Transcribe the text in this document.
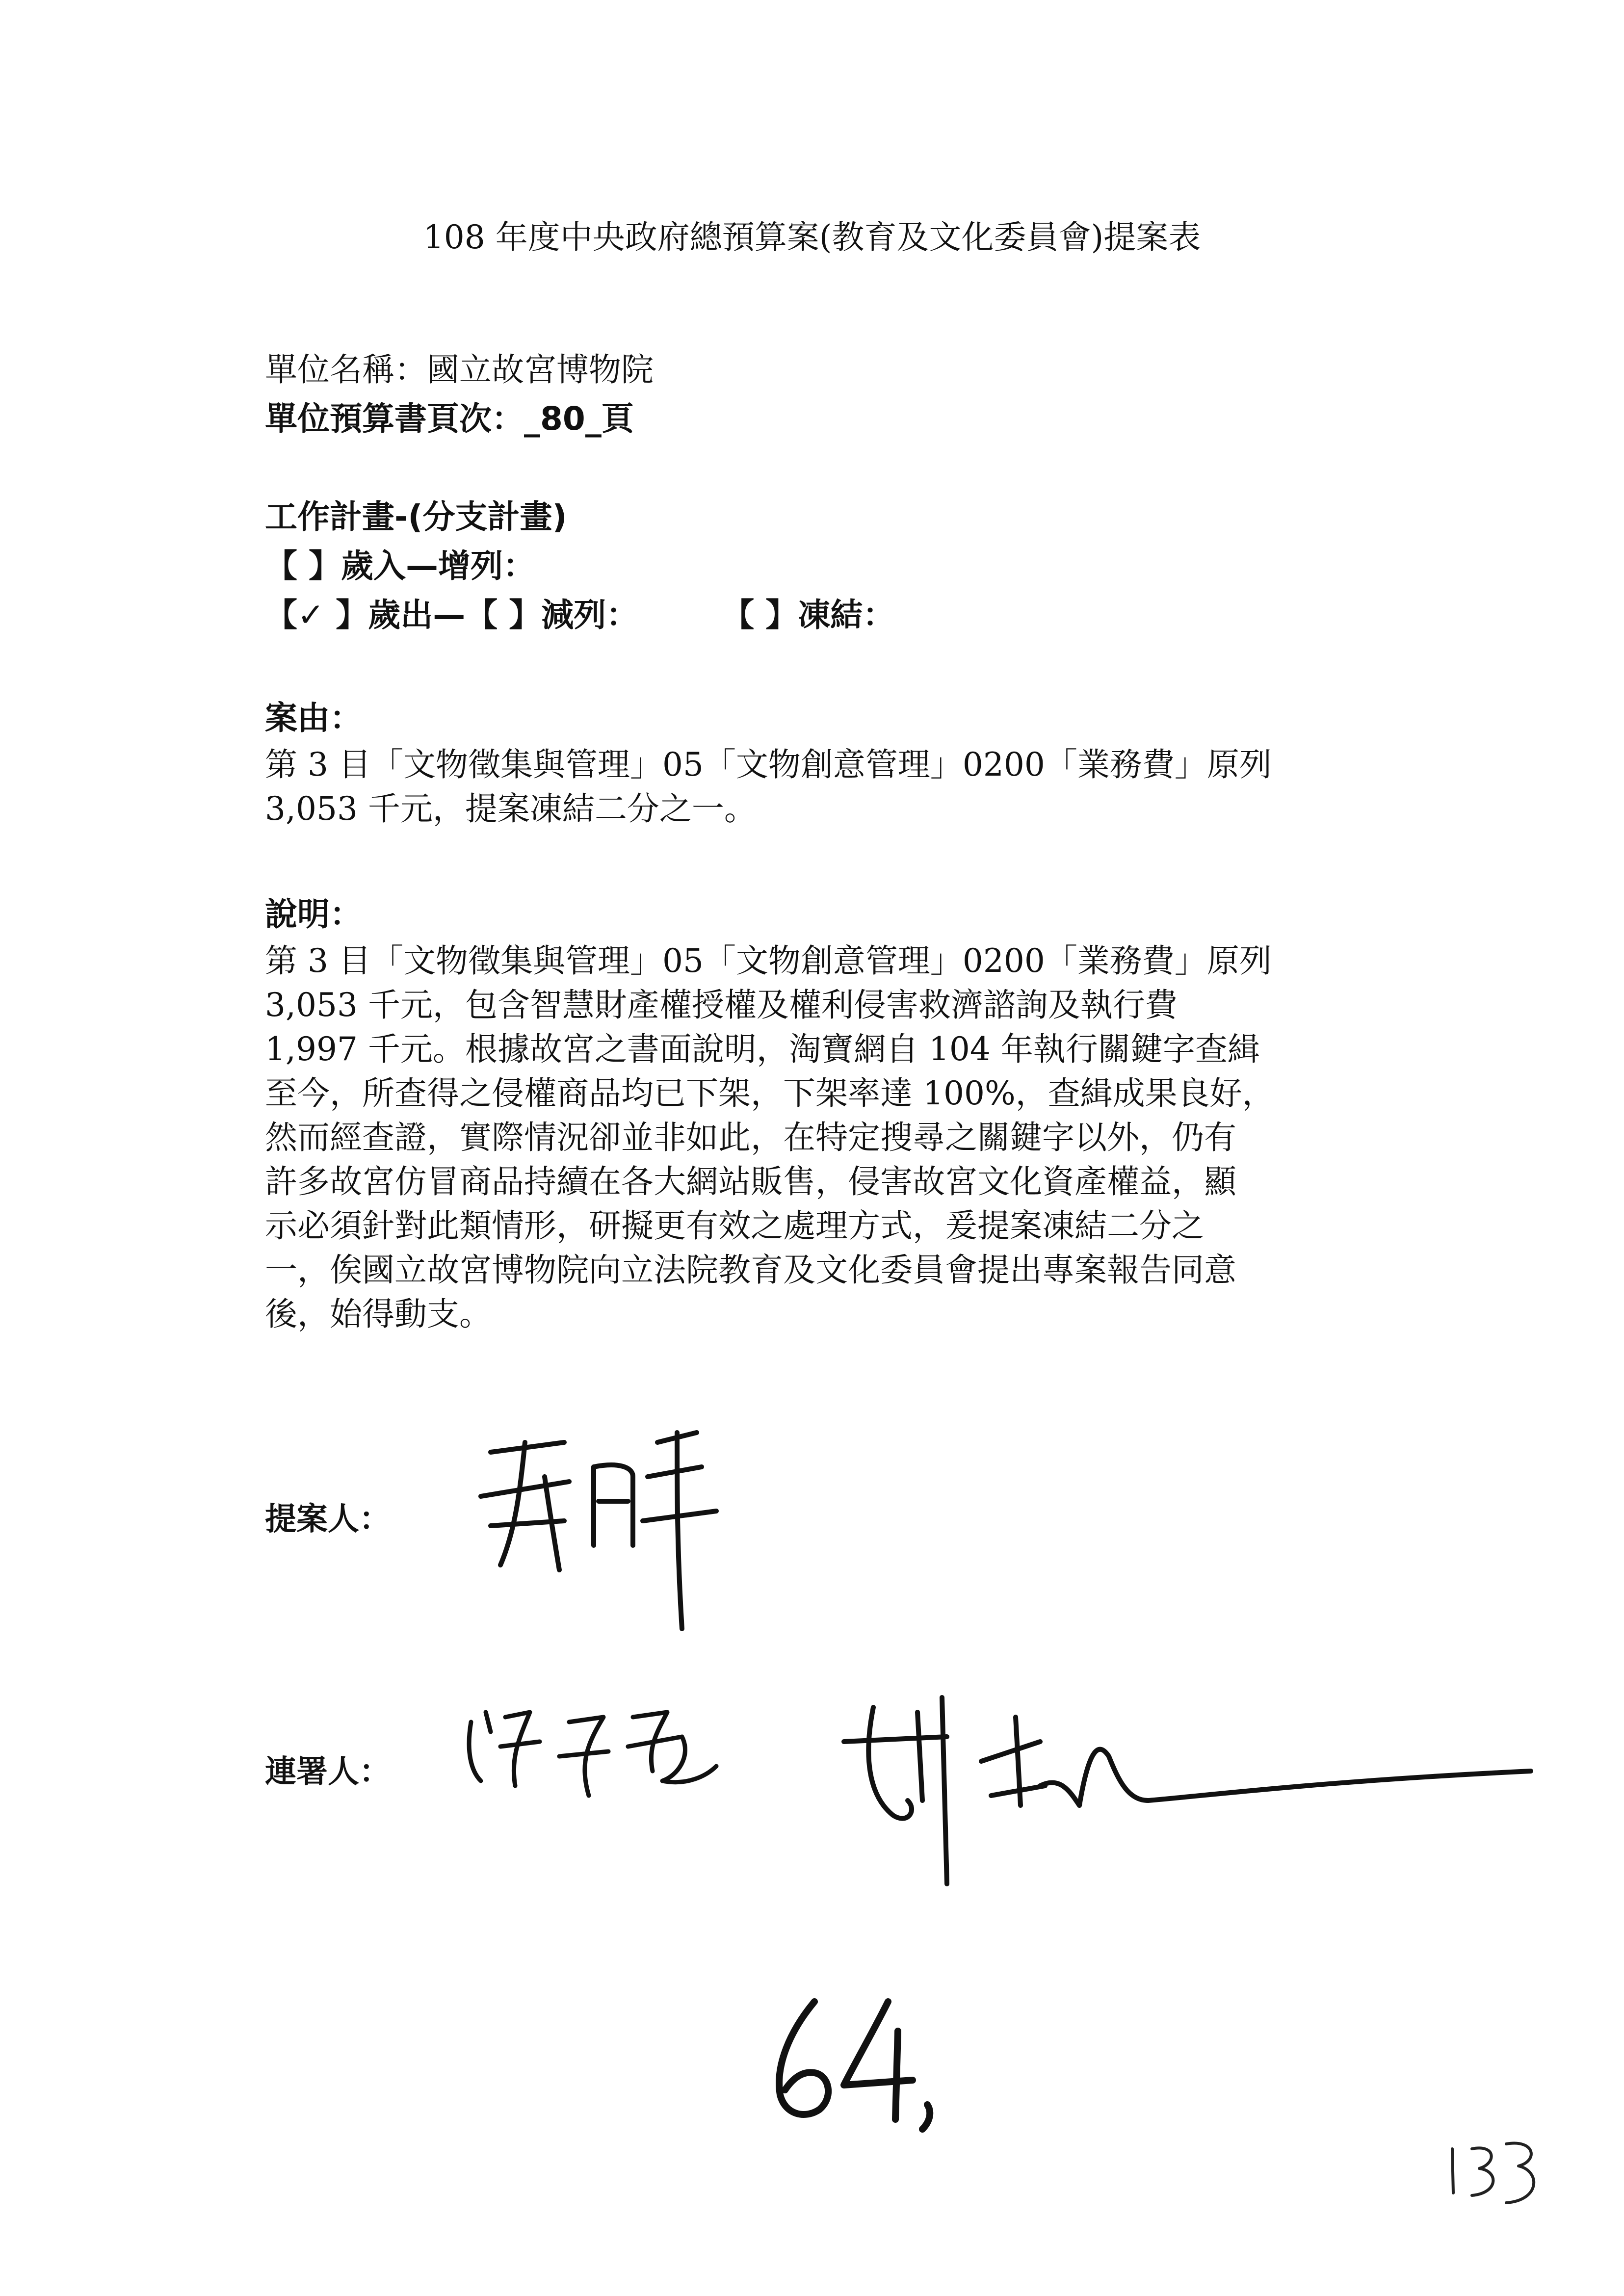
108 年度中央政府總預算案(教育及文化委員會)提案表
單位名稱：國立故宮博物院
單位預算書頁次：_80_頁
工作計畫-(分支計畫)
【 】歲入—增列：
【✓ 】歲出—【 】減列：	【 】凍結：
案由：
第 3 目「文物徵集與管理」05「文物創意管理」0200「業務費」原列
3,053 千元，提案凍結二分之一。
說明：
第 3 目「文物徵集與管理」05「文物創意管理」0200「業務費」原列
3,053 千元，包含智慧財產權授權及權利侵害救濟諮詢及執行費
1,997 千元。根據故宮之書面說明，淘寶網自 104 年執行關鍵字查緝
至今，所查得之侵權商品均已下架，下架率達 100%，查緝成果良好，
然而經查證，實際情況卻並非如此，在特定搜尋之關鍵字以外，仍有
許多故宮仿冒商品持續在各大網站販售，侵害故宮文化資產權益，顯
示必須針對此類情形，研擬更有效之處理方式，爰提案凍結二分之
一，俟國立故宮博物院向立法院教育及文化委員會提出專案報告同意
後，始得動支。
提案人：
連署人：
